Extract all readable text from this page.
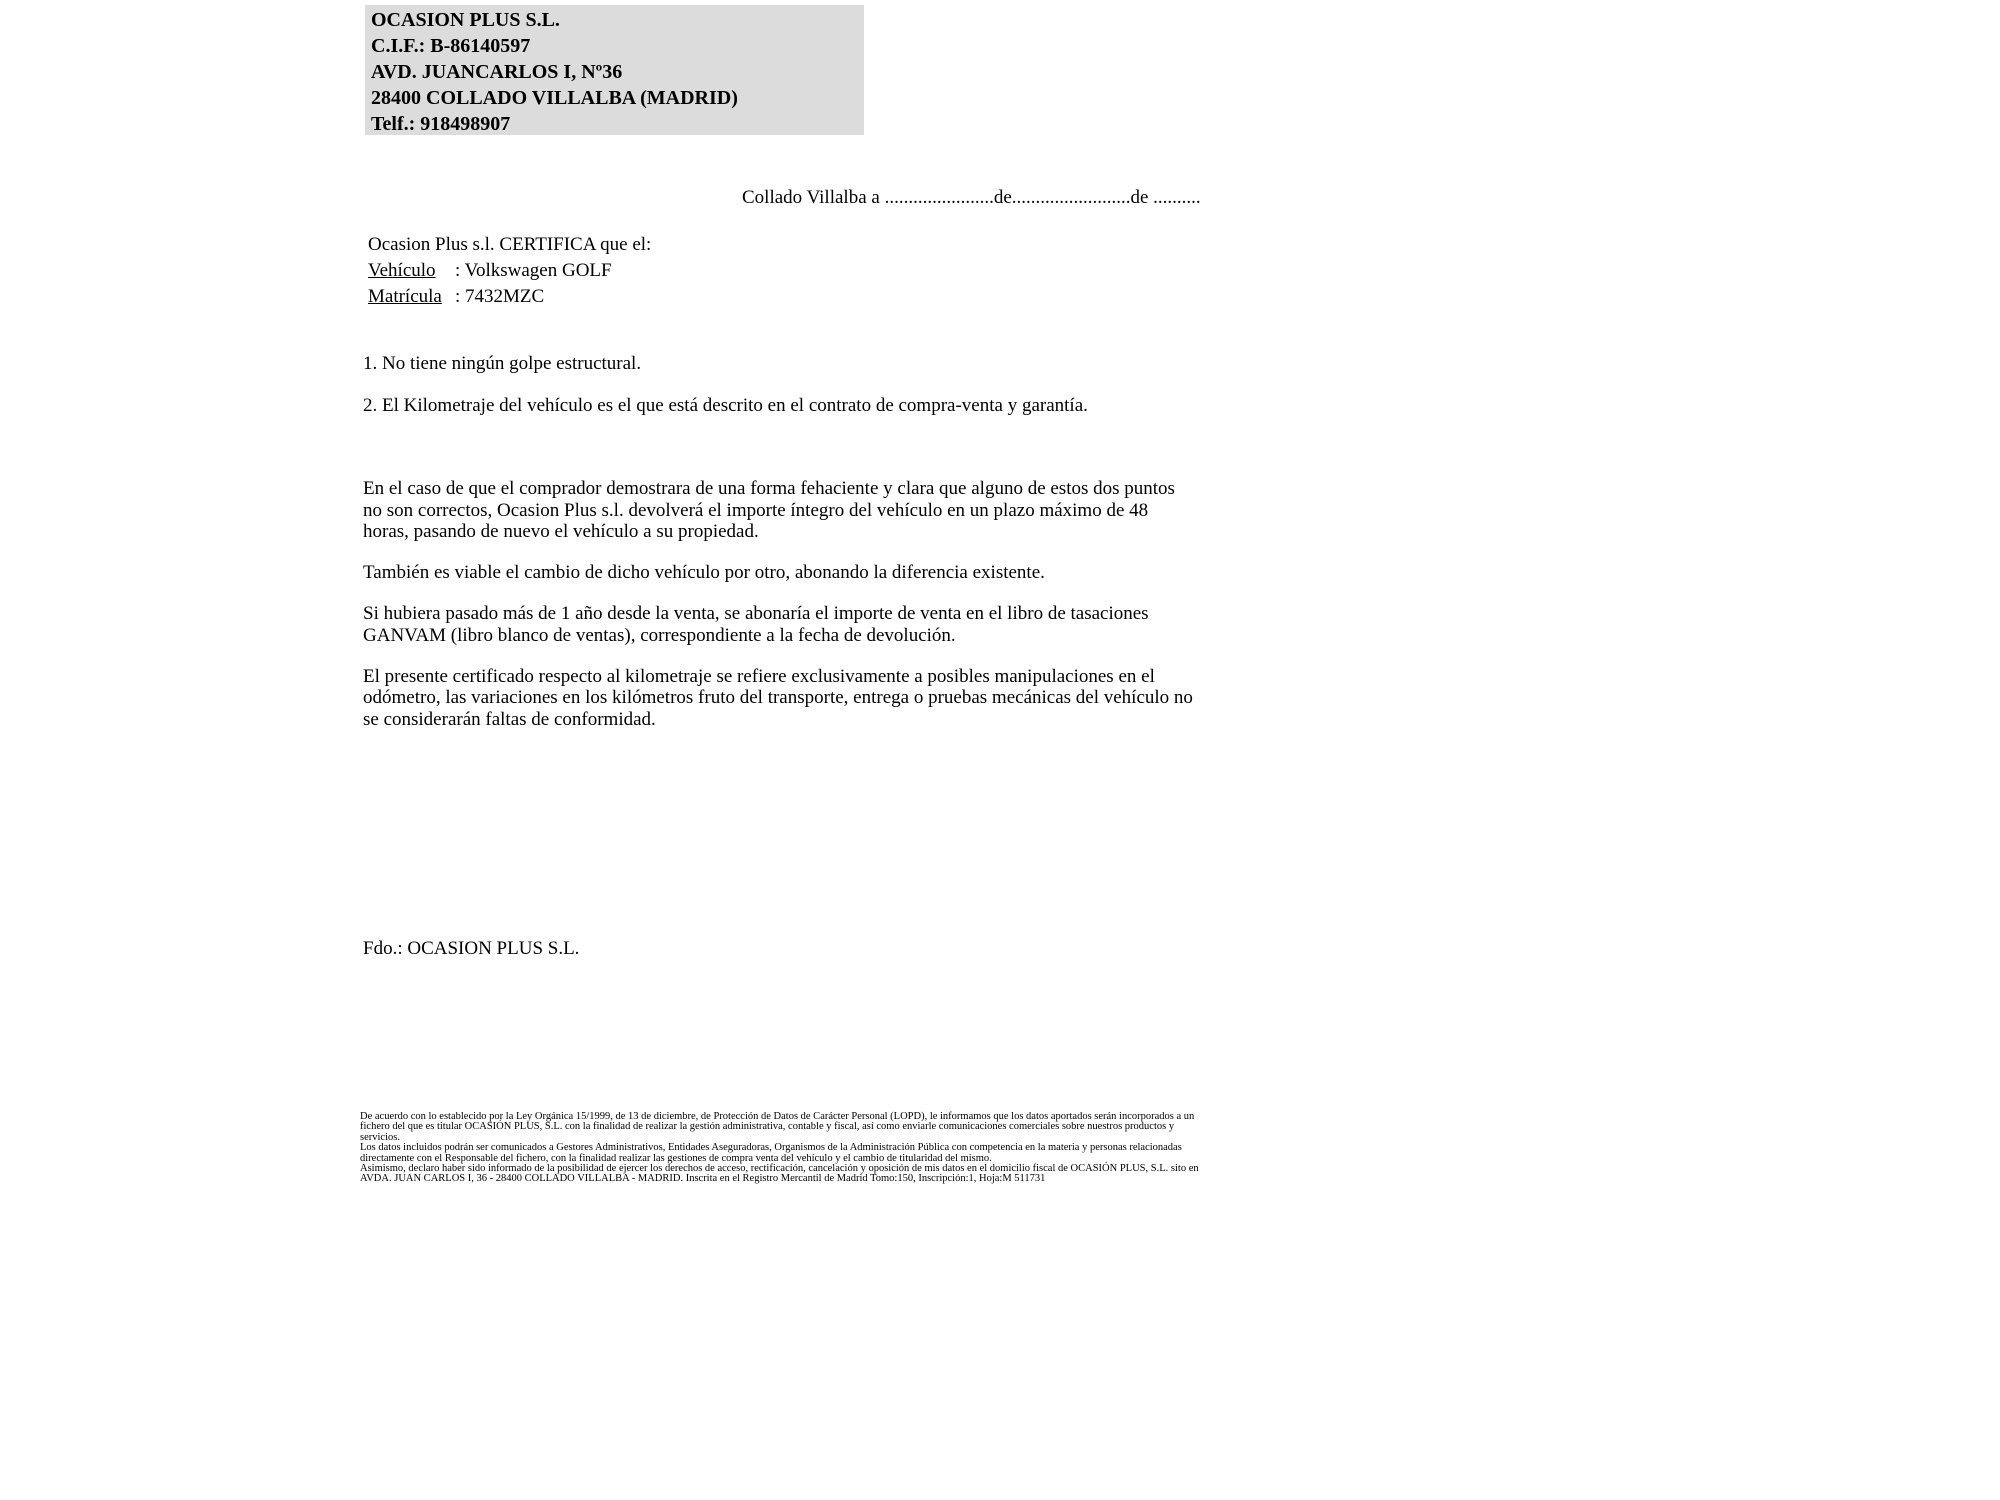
OCASION PLUS S.L.
C.I.F.: B-86140597
AVD. JUANCARLOS I, Nº36
28400 COLLADO VILLALBA (MADRID)
Telf.: 918498907
Collado Villalba a .......................de.........................de ..........
Ocasion Plus s.l. CERTIFICA que el:
Vehículo : Volkswagen GOLF
Matrícula : 7432MZC
1. No tiene ningún golpe estructural.
2. El Kilometraje del vehículo es el que está descrito en el contrato de compra-venta y garantía.

En el caso de que el comprador demostrara de una forma fehaciente y clara que alguno de estos dos puntos no son correctos, Ocasion Plus s.l. devolverá el importe íntegro del vehículo en un plazo máximo de 48 horas, pasando de nuevo el vehículo a su propiedad.

También es viable el cambio de dicho vehículo por otro, abonando la diferencia existente.

Si hubiera pasado más de 1 año desde la venta, se abonaría el importe de venta en el libro de tasaciones GANVAM (libro blanco de ventas), correspondiente a la fecha de devolución.

El presente certificado respecto al kilometraje se refiere exclusivamente a posibles manipulaciones en el odómetro, las variaciones en los kilómetros fruto del transporte, entrega o pruebas mecánicas del vehículo no se considerarán faltas de conformidad.

Fdo.: OCASION PLUS S.L.

De acuerdo con lo establecido por la Ley Orgánica 15/1999, de 13 de diciembre, de Protección de Datos de Carácter Personal (LOPD), le informamos que los datos aportados serán incorporados a un fichero del que es titular OCASIÓN PLUS, S.L. con la finalidad de realizar la gestión administrativa, contable y fiscal, así como enviarle comunicaciones comerciales sobre nuestros productos y servicios.

Los datos incluidos podrán ser comunicados a Gestores Administrativos, Entidades Aseguradoras, Organismos de la Administración Pública con competencia en la materia y personas relacionadas directamente con el Responsable del fichero, con la finalidad realizar las gestiones de compra venta del vehículo y el cambio de titularidad del mismo.

Asimismo, declaro haber sido informado de la posibilidad de ejercer los derechos de acceso, rectificación, cancelación y oposición de mis datos en el domicilio fiscal de OCASIÓN PLUS, S.L. sito en AVDA. JUAN CARLOS I, 36 - 28400 COLLADO VILLALBA - MADRID. Inscrita en el Registro Mercantil de Madrid Tomo:150, Inscripción:1, Hoja:M 511731
